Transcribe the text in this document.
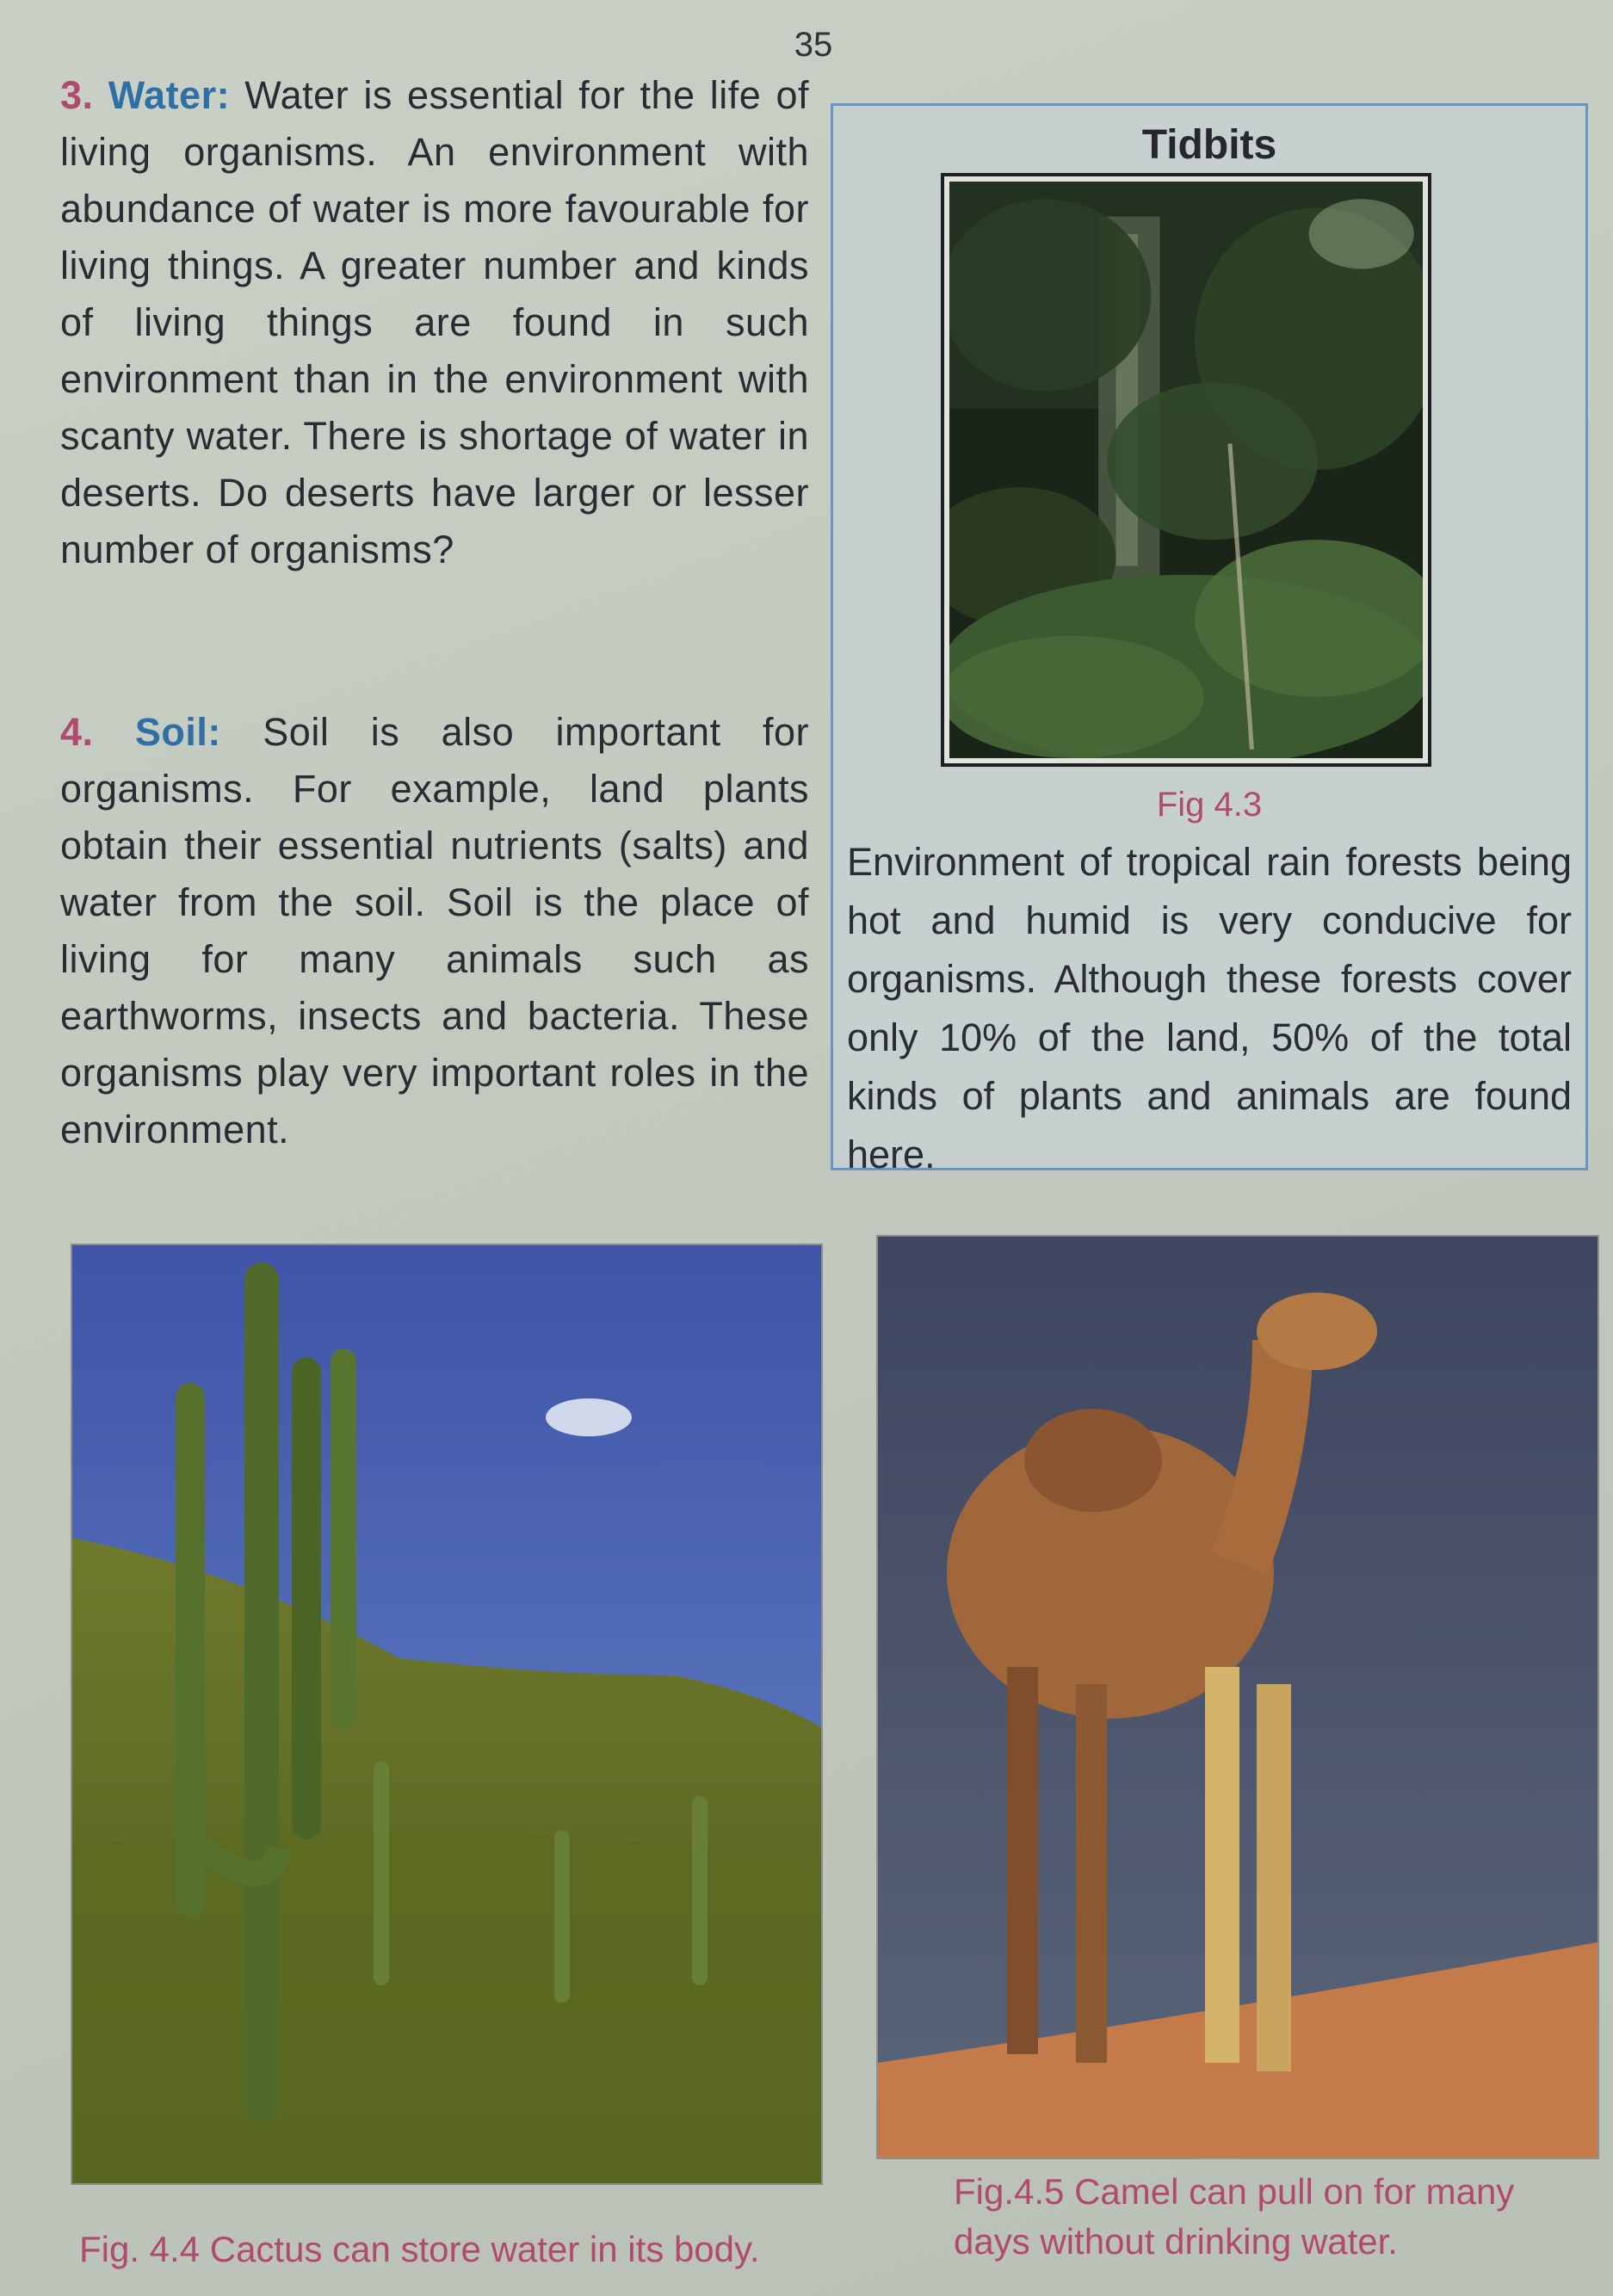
35

3. Water: Water is essential for the life of living organisms. An environment with abundance of water is more favourable for living things. A greater number and kinds of living things are found in such environment than in the environment with scanty water. There is shortage of water in deserts. Do deserts have larger or lesser number of organisms?

4. Soil: Soil is also important for organisms. For example, land plants obtain their essential nutrients (salts) and water from the soil. Soil is the place of living for many animals such as earthworms, insects and bacteria. These organisms play very important roles in the environment.

Tidbits
Fig 4.3

Environment of tropical rain forests being hot and humid is very conducive for organisms. Although these forests cover only 10% of the land, 50% of the total kinds of plants and animals are found here.

Fig. 4.4 Cactus can store water in its body.
Fig.4.5 Camel can pull on for many
days without drinking water.
